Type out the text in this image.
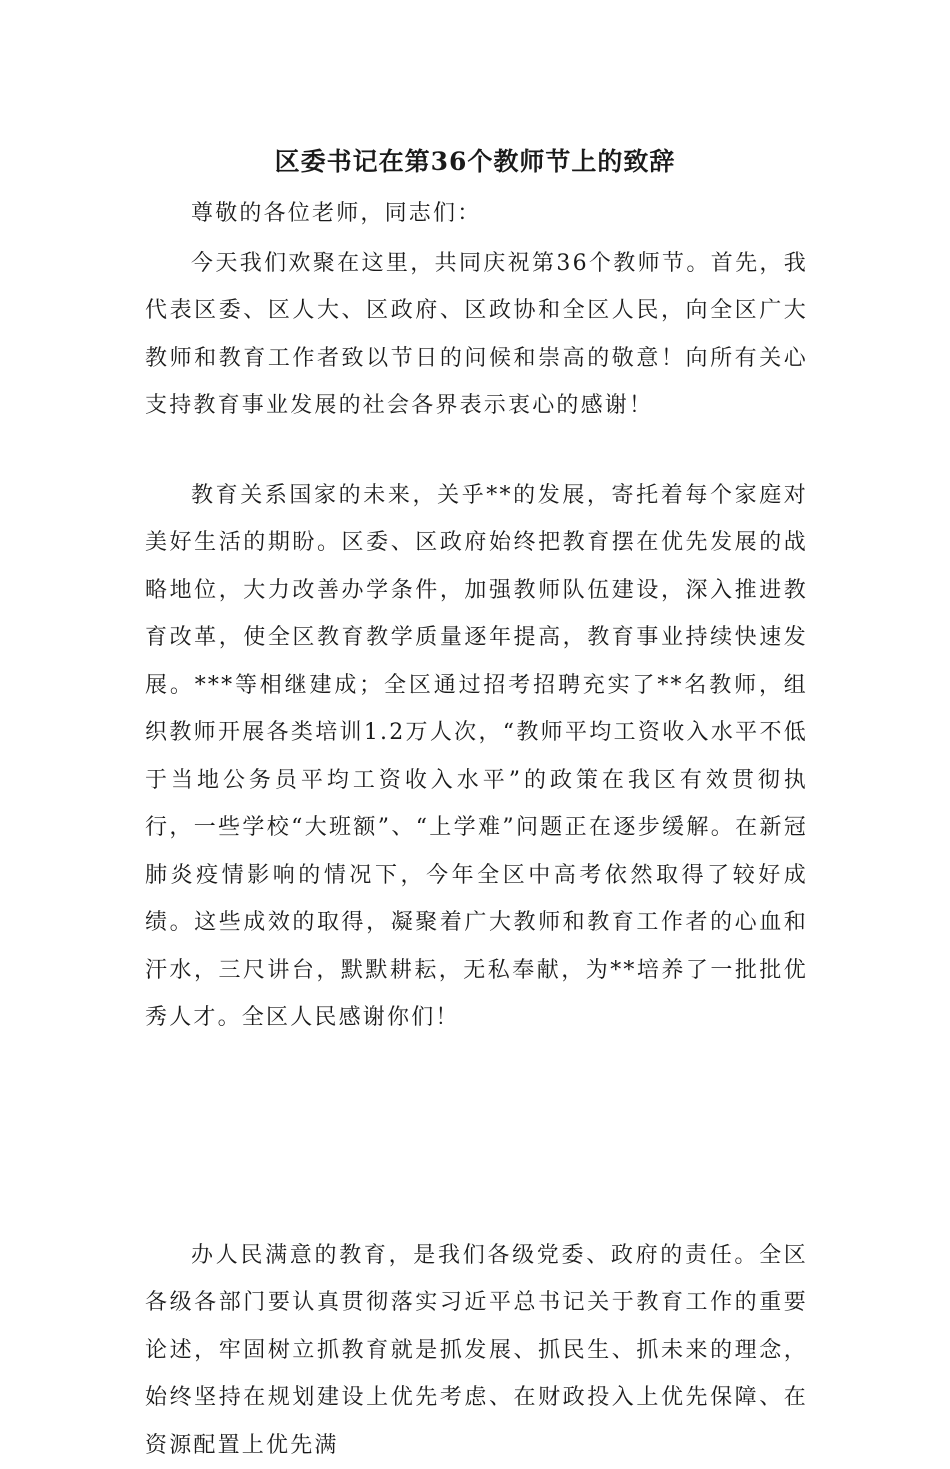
区委书记在第36个教师节上的致辞

尊敬的各位老师，同志们：

今天我们欢聚在这里，共同庆祝第36个教师节。首先，我代表区委、区人大、区政府、区政协和全区人民，向全区广大教师和教育工作者致以节日的问候和崇高的敬意！向所有关心支持教育事业发展的社会各界表示衷心的感谢！

教育关系国家的未来，关乎**的发展，寄托着每个家庭对美好生活的期盼。区委、区政府始终把教育摆在优先发展的战略地位，大力改善办学条件，加强教师队伍建设，深入推进教育改革，使全区教育教学质量逐年提高，教育事业持续快速发展。***等相继建成；全区通过招考招聘充实了**名教师，组织教师开展各类培训1.2万人次，“教师平均工资收入水平不低于当地公务员平均工资收入水平”的政策在我区有效贯彻执行，一些学校“大班额”、“上学难”问题正在逐步缓解。在新冠肺炎疫情影响的情况下，今年全区中高考依然取得了较好成绩。这些成效的取得，凝聚着广大教师和教育工作者的心血和汗水，三尺讲台，默默耕耘，无私奉献，为**培养了一批批优秀人才。全区人民感谢你们！

办人民满意的教育，是我们各级党委、政府的责任。全区各级各部门要认真贯彻落实习近平总书记关于教育工作的重要论述，牢固树立抓教育就是抓发展、抓民生、抓未来的理念，始终坚持在规划建设上优先考虑、在财政投入上优先保障、在资源配置上优先满
